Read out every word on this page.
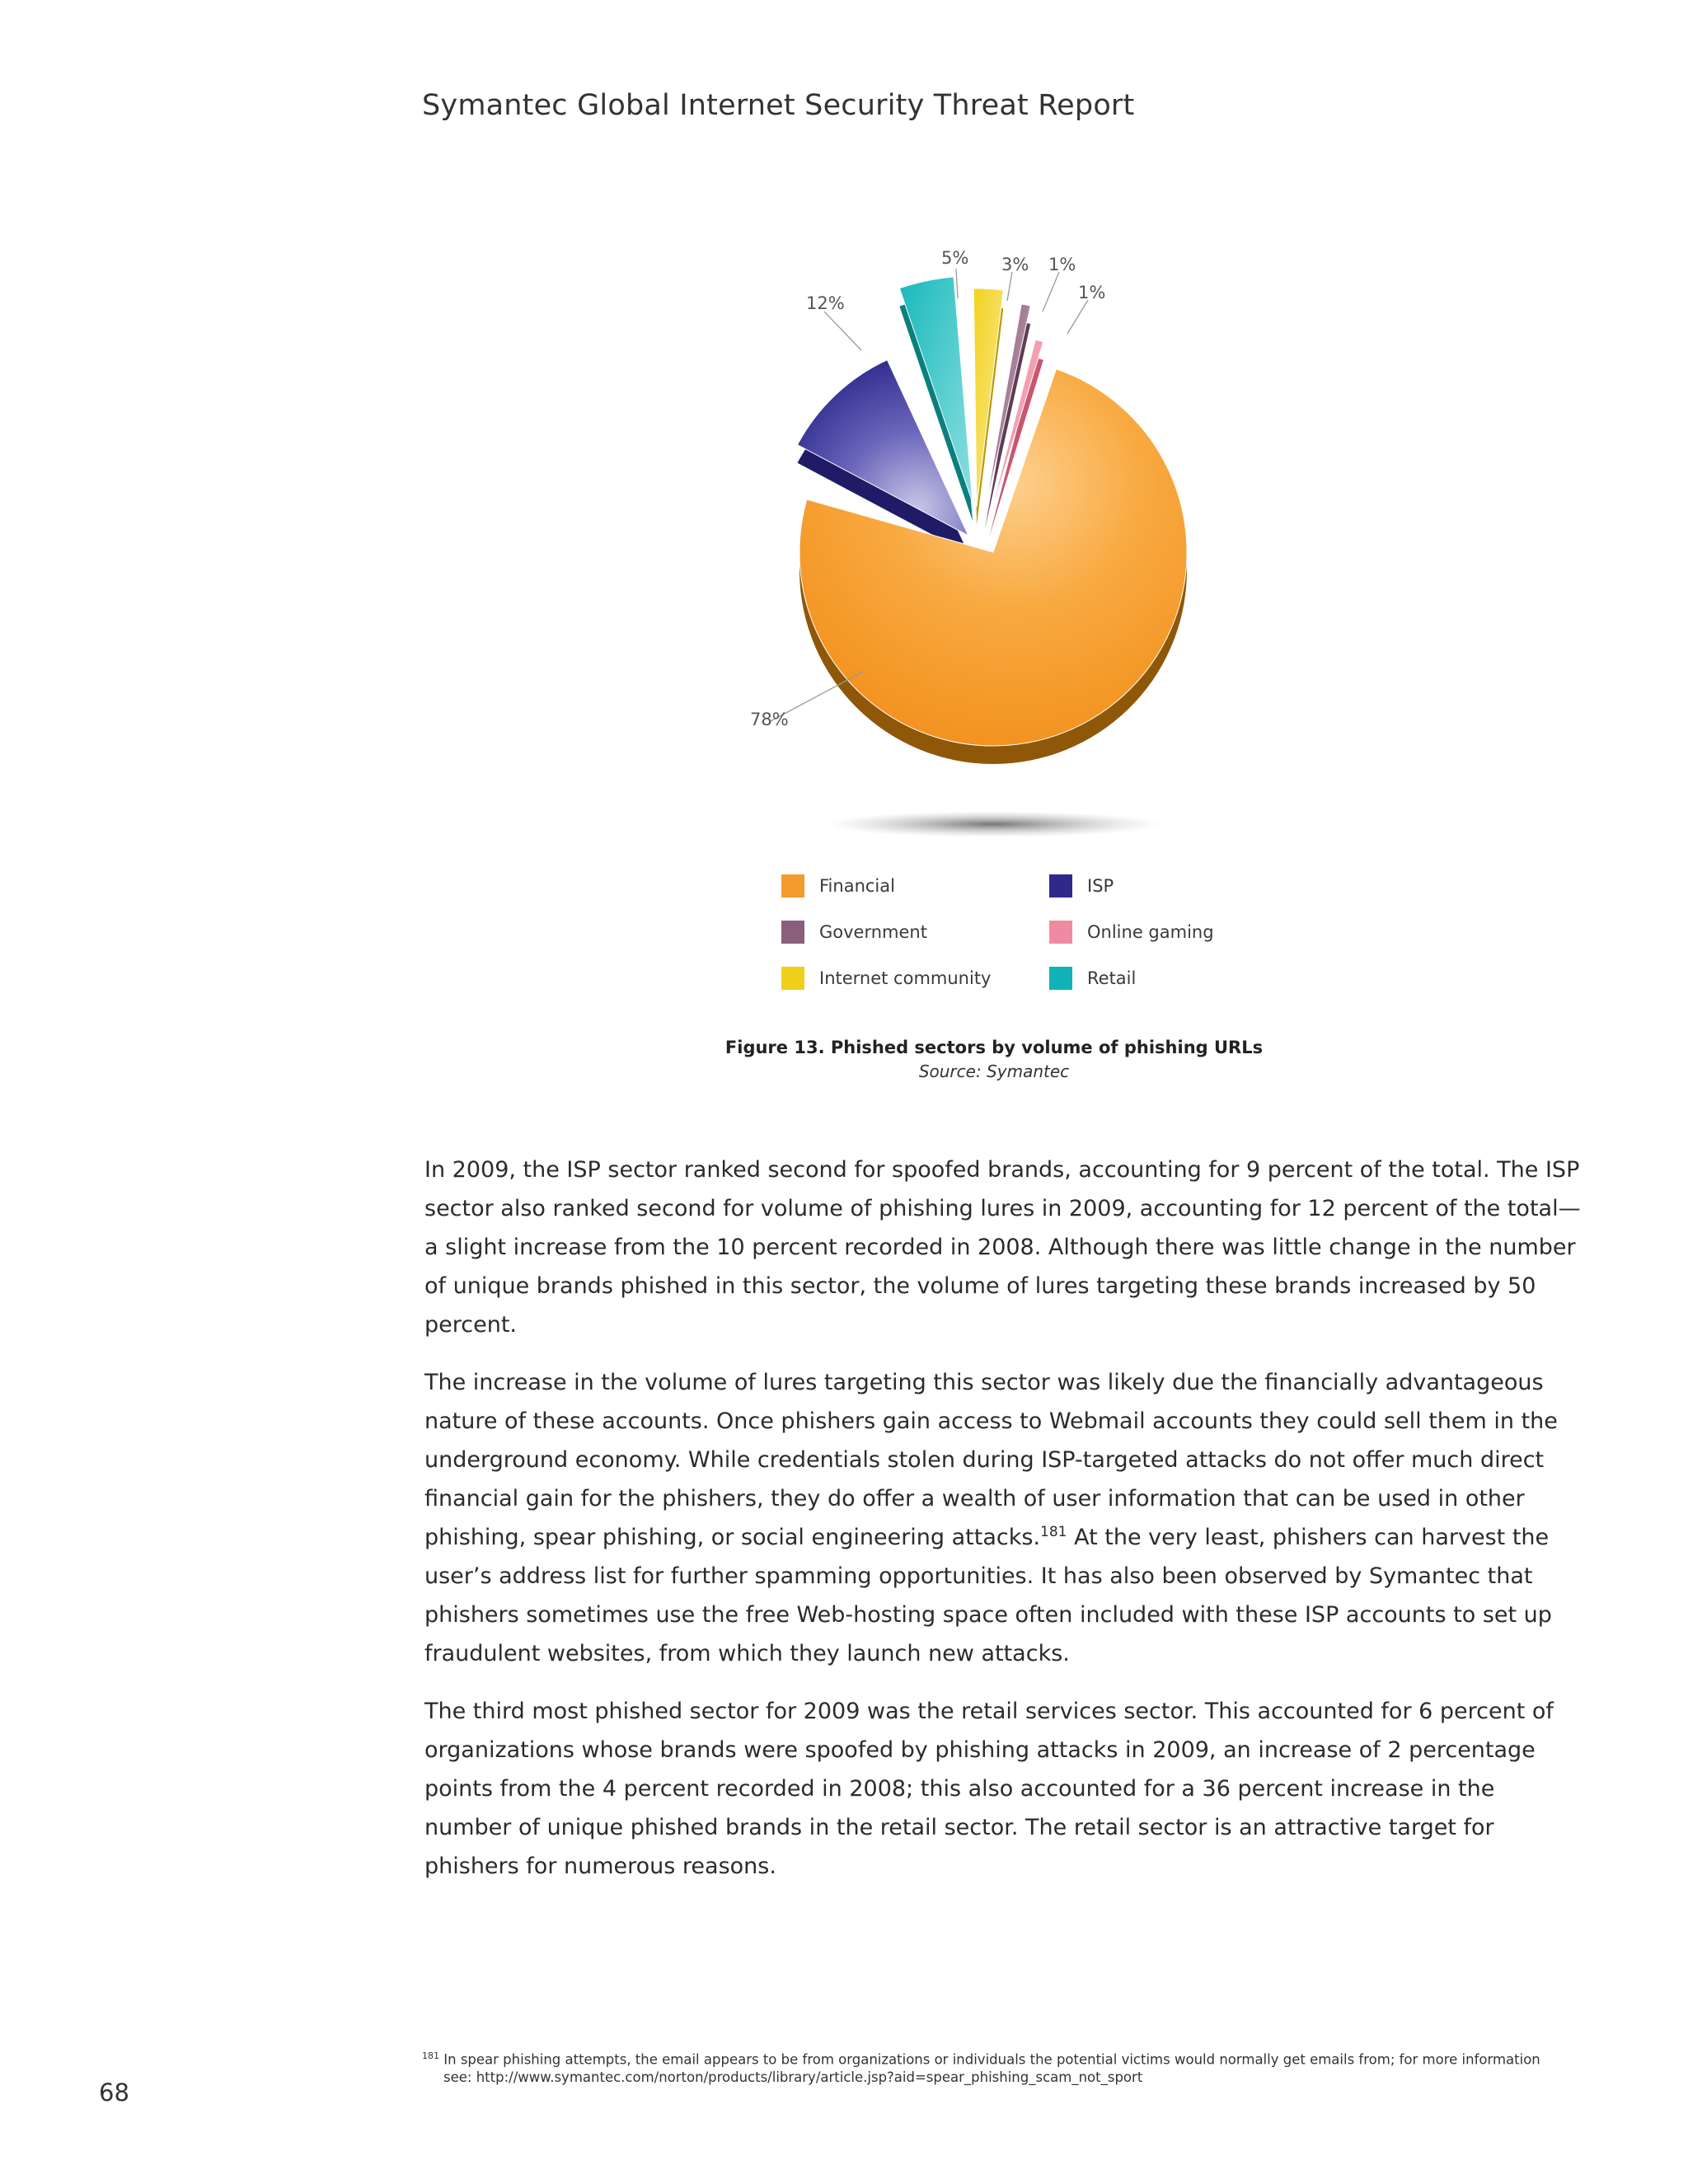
Symantec Global Internet Security Threat Report
78%
12%
5% 3% 1%
1%
Financial	ISP
Government	Online gaming
Internet community	Retail
Figure 13. Phished sectors by volume of phishing URLs
Source: Symantec

In 2009, the ISP sector ranked second for spoofed brands, accounting for 9 percent of the total. The ISP sector also ranked second for volume of phishing lures in 2009, accounting for 12 percent of the total—a slight increase from the 10 percent recorded in 2008. Although there was little change in the number of unique brands phished in this sector, the volume of lures targeting these brands increased by 50 percent.

The increase in the volume of lures targeting this sector was likely due the financially advantageous nature of these accounts. Once phishers gain access to Webmail accounts they could sell them in the underground economy. While credentials stolen during ISP-targeted attacks do not offer much direct financial gain for the phishers, they do offer a wealth of user information that can be used in other phishing, spear phishing, or social engineering attacks.$^{181}$ At the very least, phishers can harvest the user’s address list for further spamming opportunities. It has also been observed by Symantec that phishers sometimes use the free Web-hosting space often included with these ISP accounts to set up fraudulent websites, from which they launch new attacks.

The third most phished sector for 2009 was the retail services sector. This accounted for 6 percent of organizations whose brands were spoofed by phishing attacks in 2009, an increase of 2 percentage points from the 4 percent recorded in 2008; this also accounted for a 36 percent increase in the number of unique phished brands in the retail sector. The retail sector is an attractive target for phishers for numerous reasons.

$^{181}$ In spear phishing attempts, the email appears to be from organizations or individuals the potential victims would normally get emails from; for more information
see: http://www.symantec.com/norton/products/library/article.jsp?aid=spear_phishing_scam_not_sport
68
